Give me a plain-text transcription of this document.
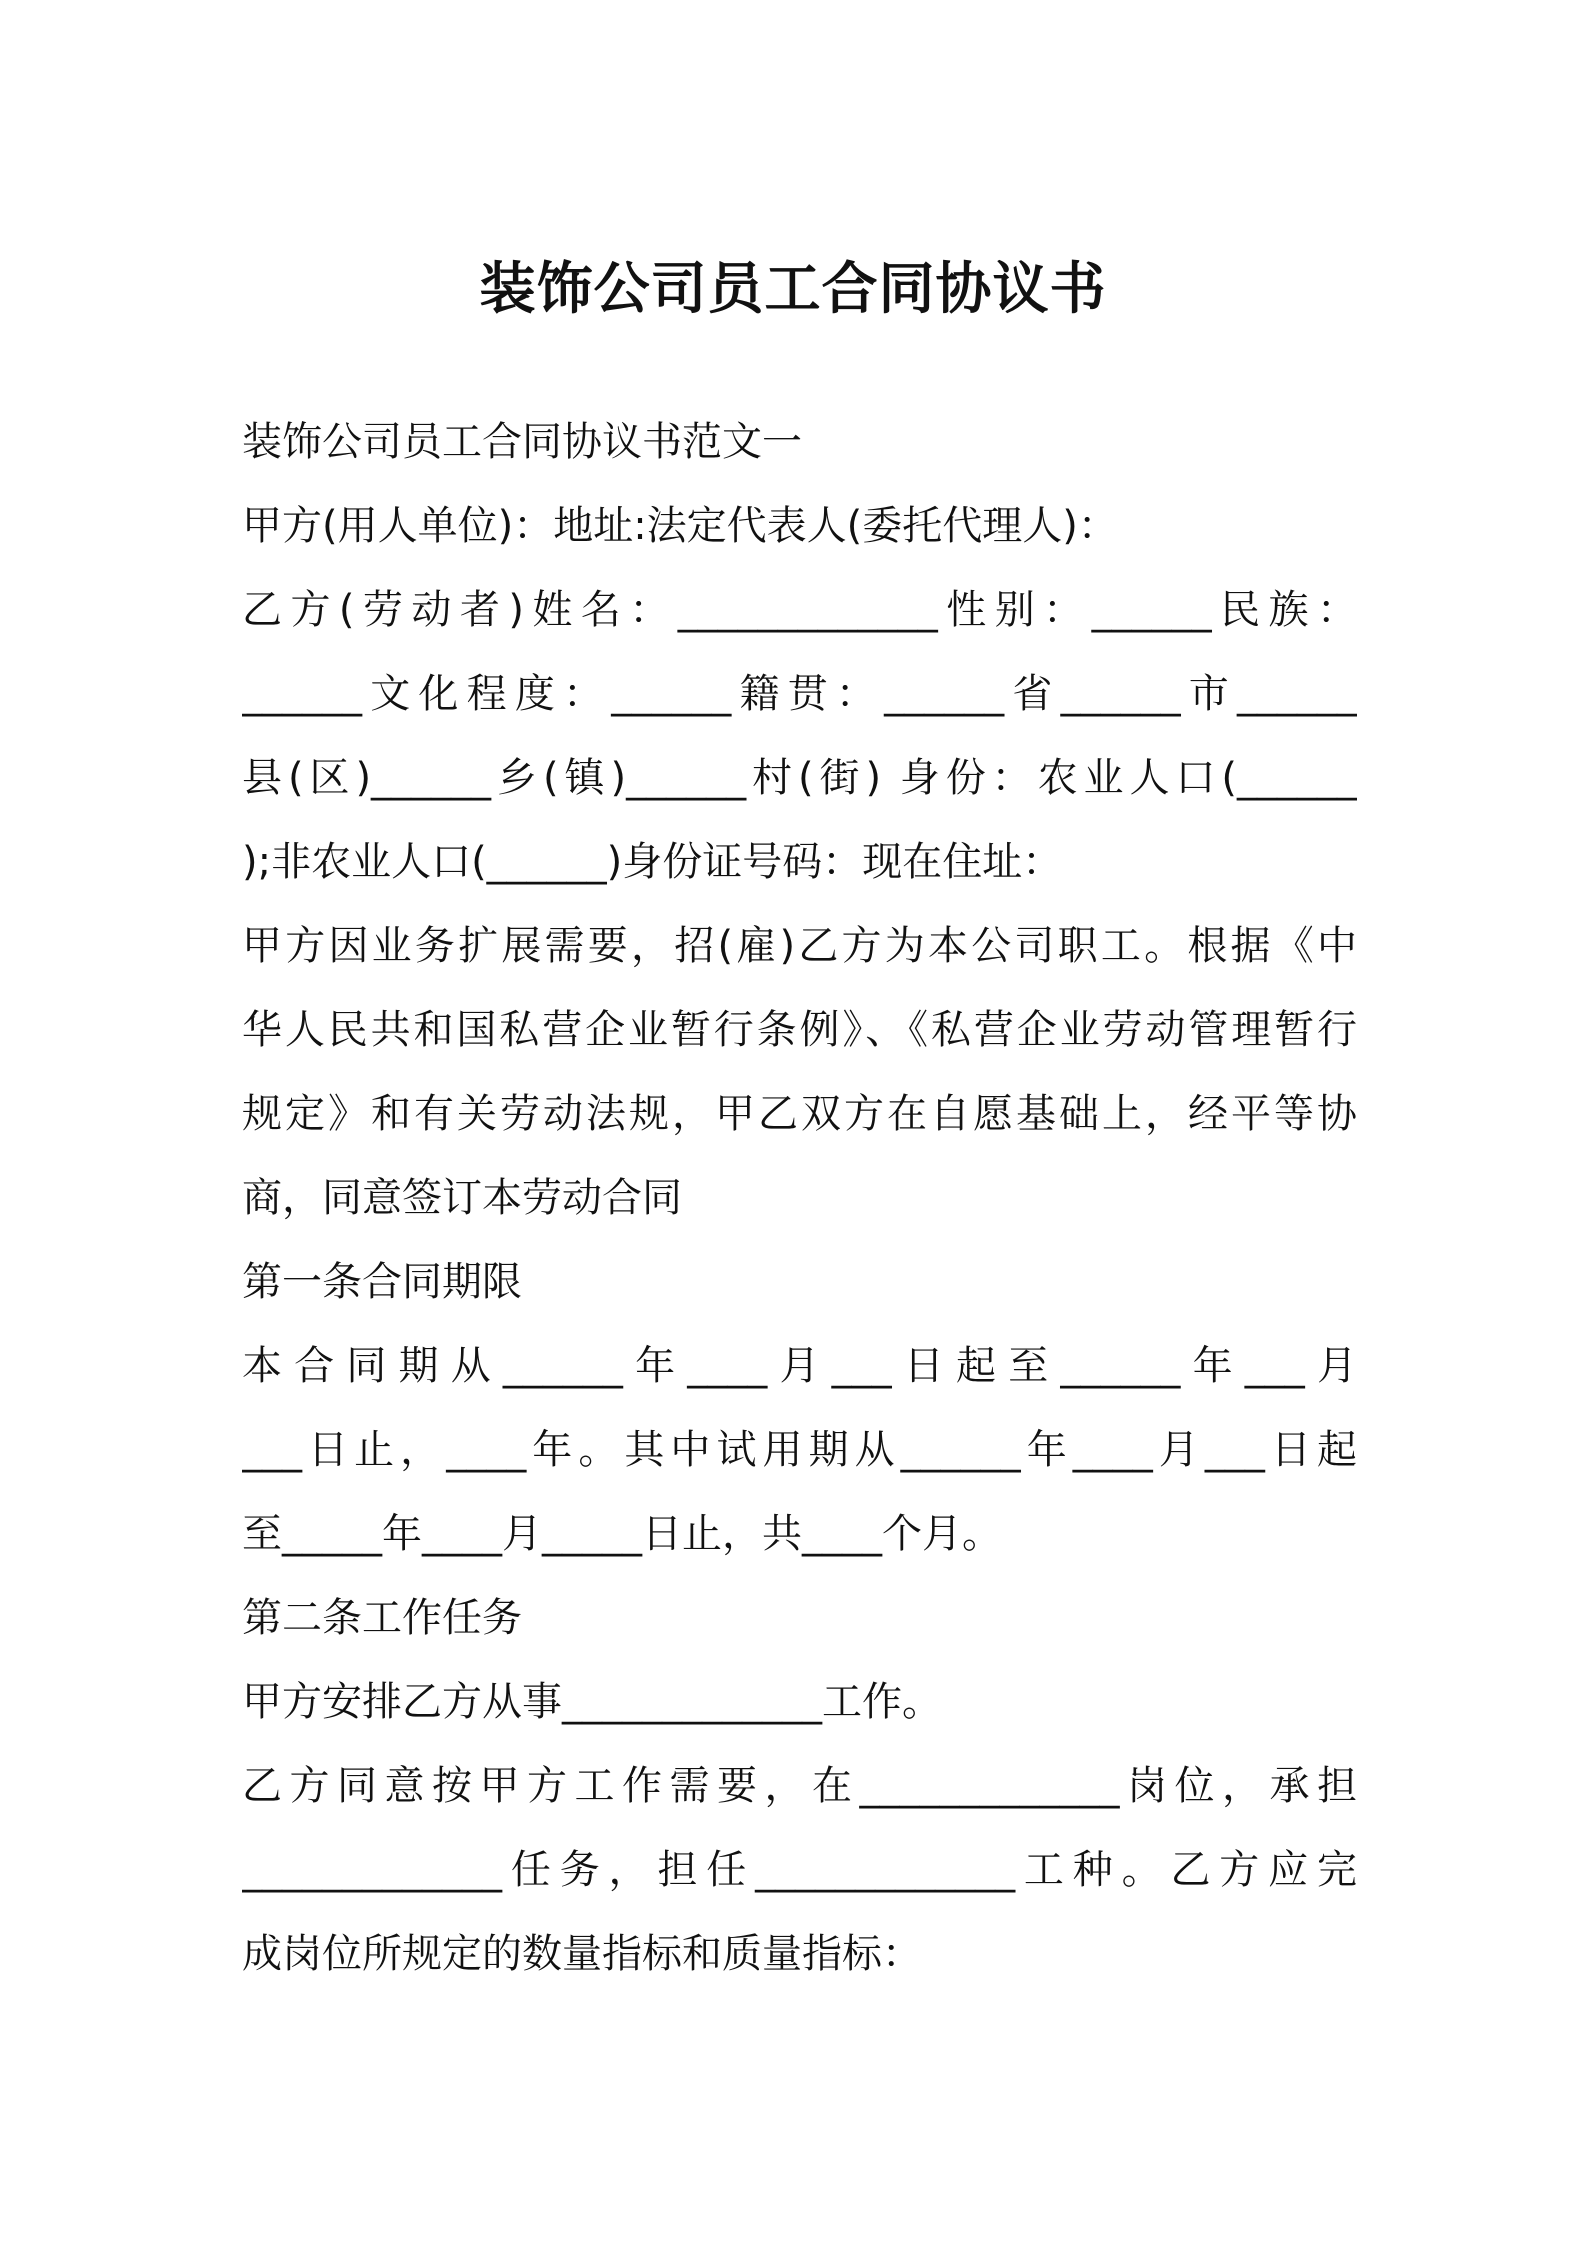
装饰公司员工合同协议书
装饰公司员工合同协议书范文一
甲方(用人单位)：地址:法定代表人(委托代理人)：
乙方(劳动者)姓名：_____________性别：______民族：
______文化程度：______籍贯：______省______市______
县(区)______乡(镇)______村(街) 身份：农业人口(______
);非农业人口(______)身份证号码：现在住址：
甲方因业务扩展需要，招(雇)乙方为本公司职工。根据《中
华人民共和国私营企业暂行条例》、《私营企业劳动管理暂行
规定》和有关劳动法规，甲乙双方在自愿基础上，经平等协
商，同意签订本劳动合同
第一条合同期限
本合同期从______年____月___日起至______年___月
___日止，____年。其中试用期从______年____月___日起
至_____年____月_____日止，共____个月。
第二条工作任务
甲方安排乙方从事_____________工作。
乙方同意按甲方工作需要，在_____________岗位，承担
_____________任务，担任_____________工种。乙方应完
成岗位所规定的数量指标和质量指标：
